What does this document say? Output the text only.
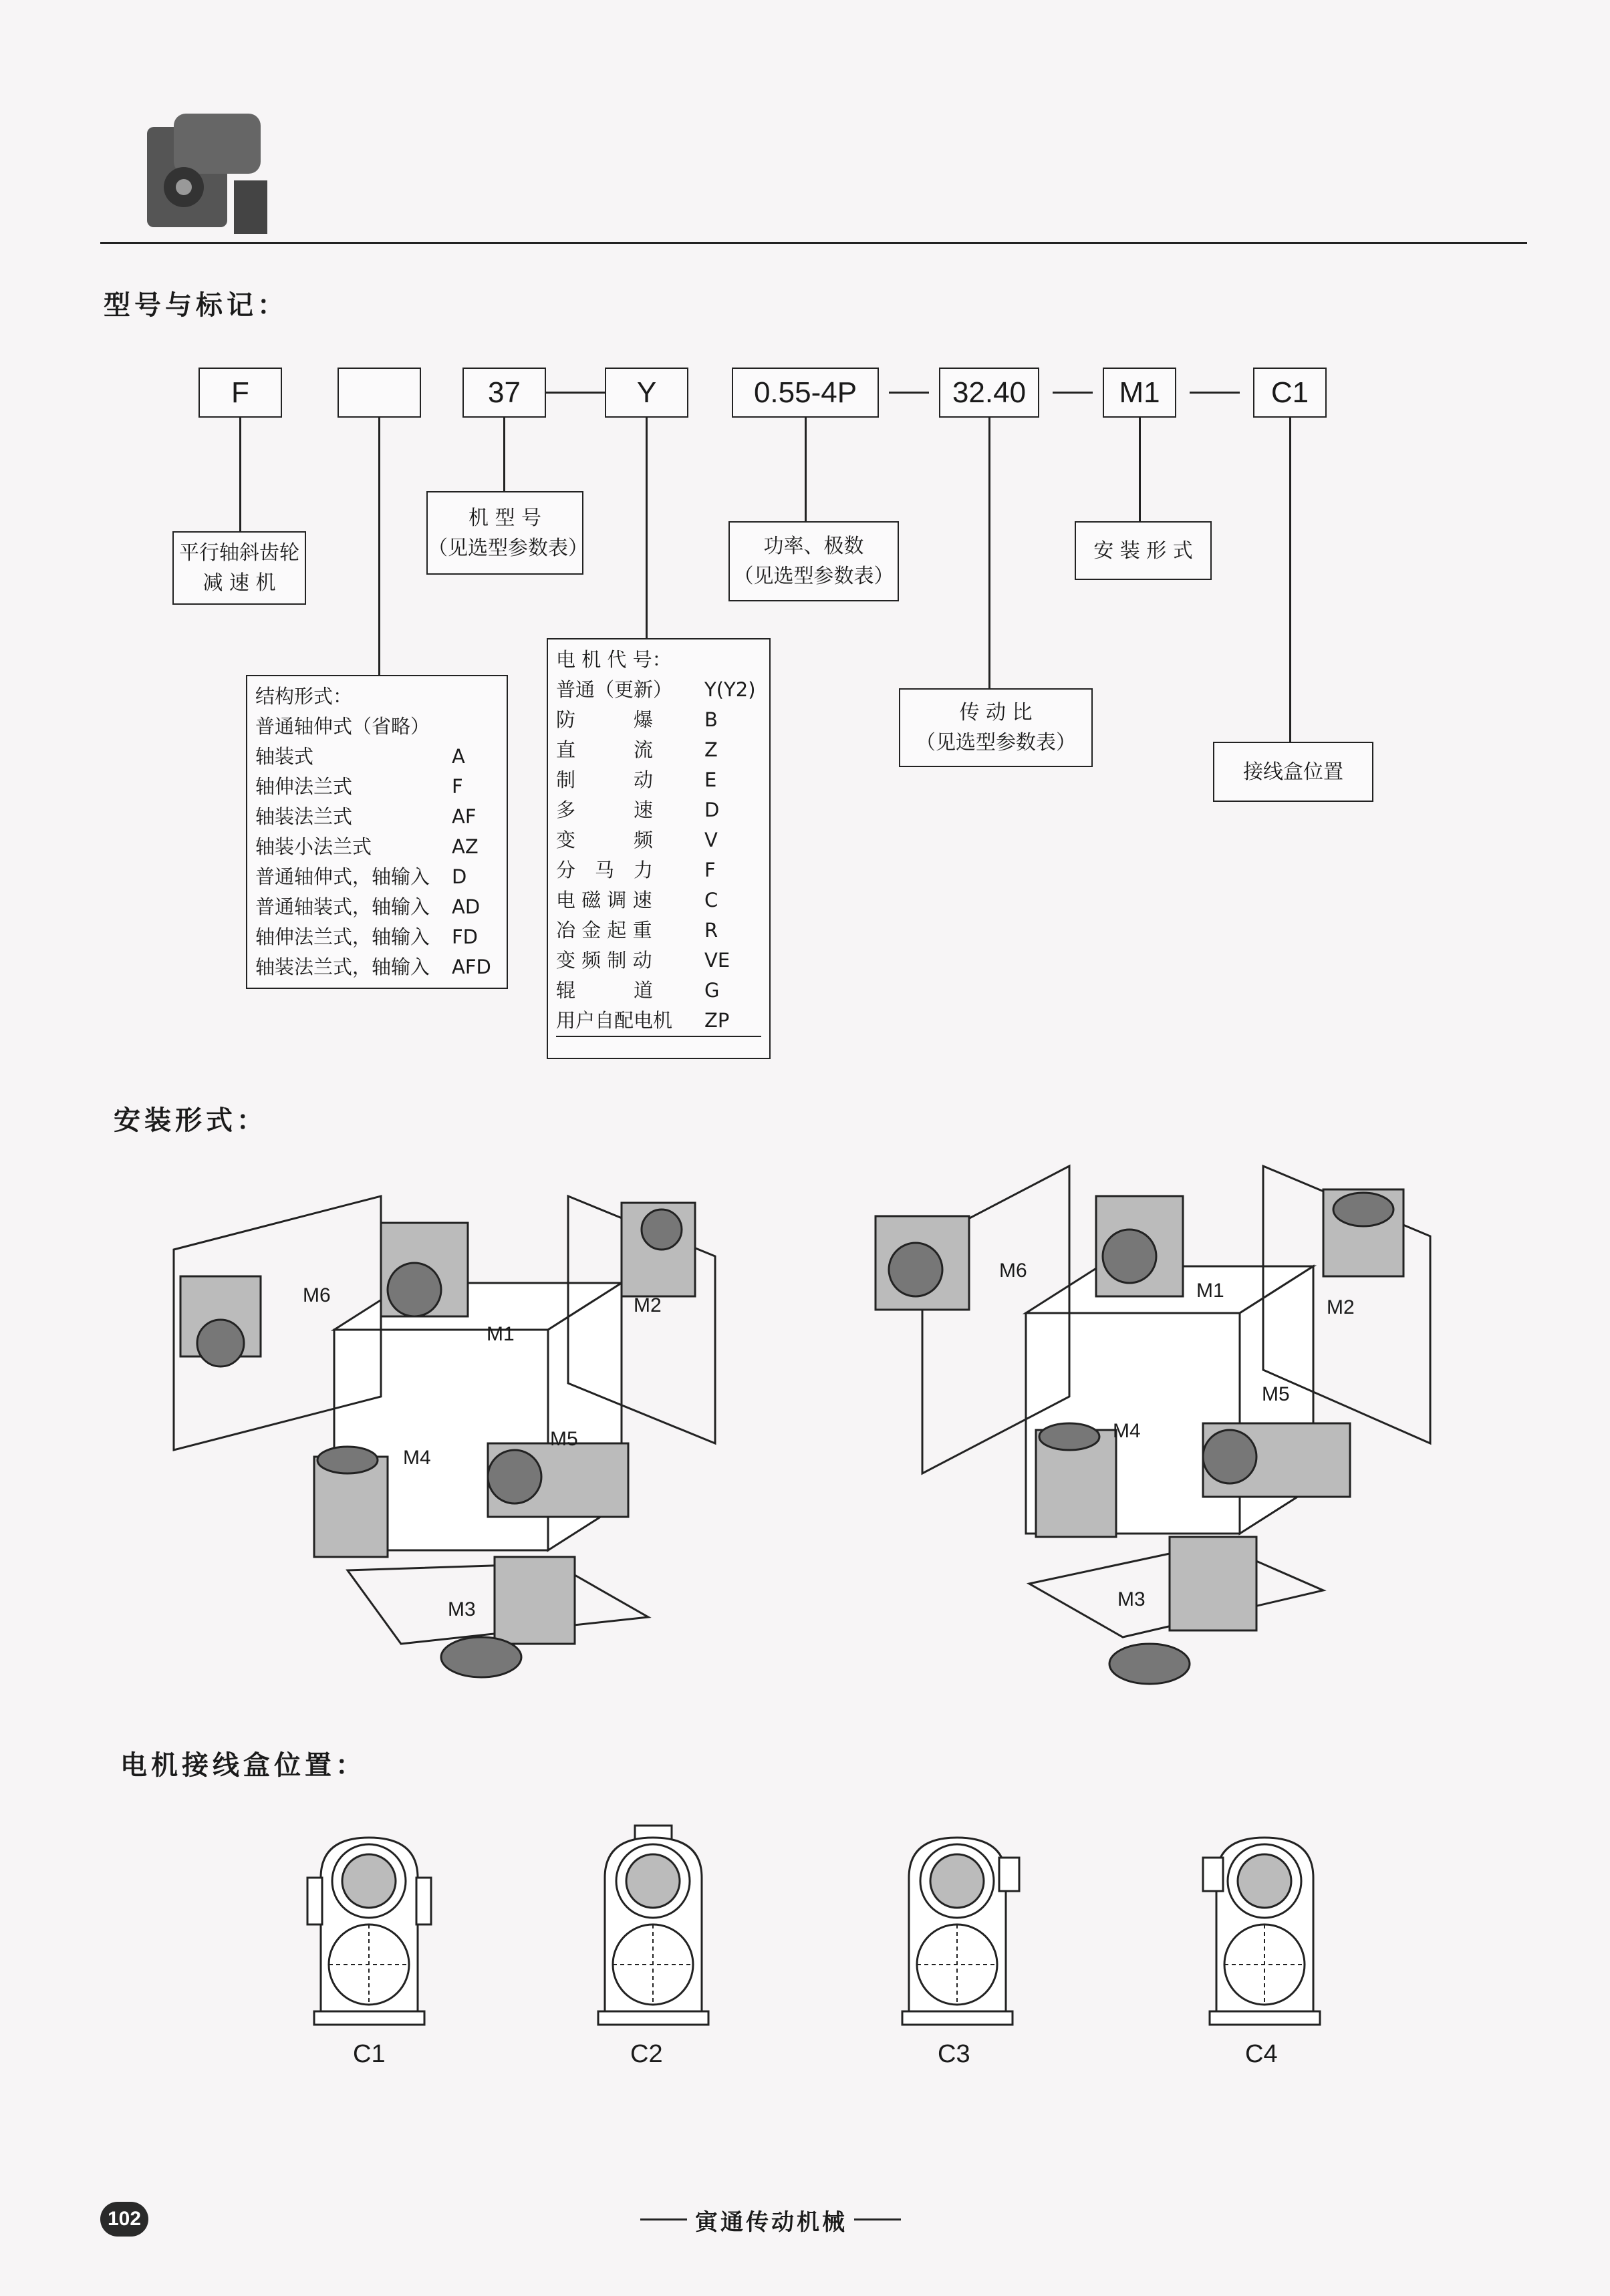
型号与标记：
F	37	Y	0.55-4P	32.40	M1	C1
平行轴斜齿轮
减 速 机
机 型 号
（见选型参数表）	功率、极数
（见选型参数表）
安 装 形 式
传 动 比
（见选型参数表）
接线盒位置
结构形式：
普通轴伸式（省略）
轴装式	A
轴伸法兰式	F
轴装法兰式	AF
轴装小法兰式	AZ
普通轴伸式，轴输入 D
普通轴装式，轴输入 AD
轴伸法兰式，轴输入 FD
轴装法兰式，轴输入 AFD
电 机 代 号：
普通（更新） Y(Y2)
防　　　爆	B
直　　　流	Z
制　　　动	E
多　　　速	D
变　　　频	V
分　马　力	F
电 磁 调 速	C
冶 金 起 重	R
变 频 制 动	VE
辊　　　道	G
用户自配电机 ZP
安装形式：
M6
M1
M2
M4
M5
M3
M6
M1
M2
M5
M4
M3
电机接线盒位置：
C1	C2	C3	C4
102	寅通传动机械
